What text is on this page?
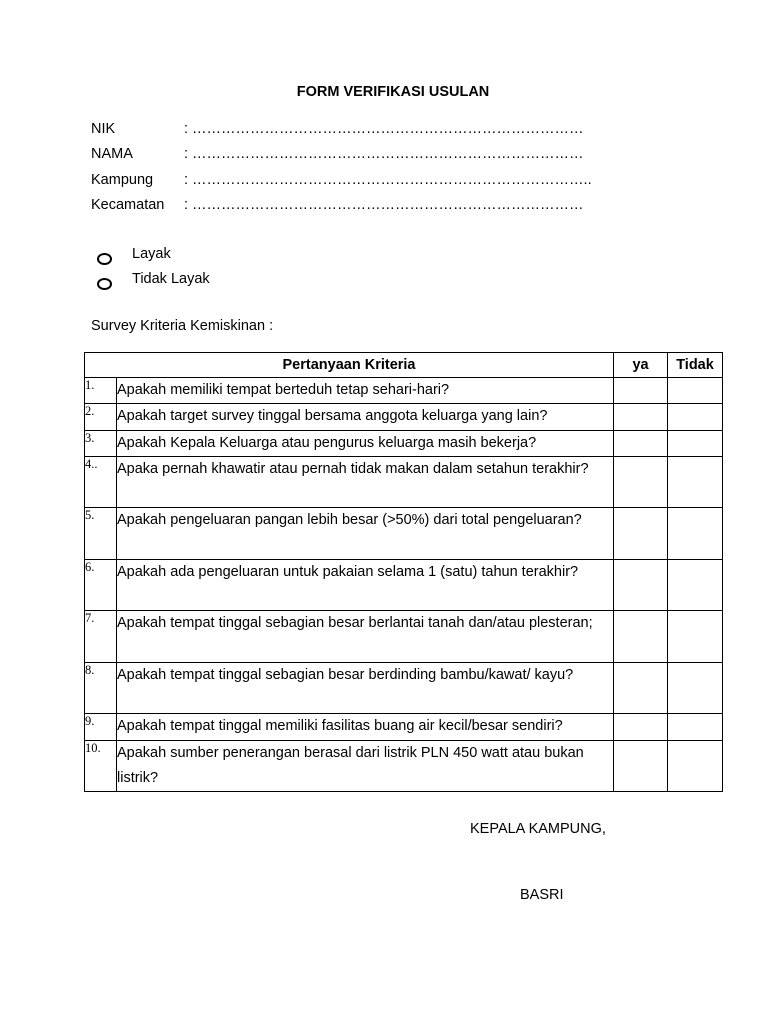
FORM VERIFIKASI USULAN
NIK	: ………………………………………………………………………
NAMA	: ………………………………………………………………………
Kampung	: ………………………………………………………………………..
Kecamatan	: ………………………………………………………………………
Layak
Tidak Layak
Survey Kriteria Kemiskinan :
Pertanyaan Kriteria		ya	Tidak
1.	Apakah memiliki tempat berteduh tetap sehari-hari?		
2.	Apakah target survey tinggal bersama anggota keluarga yang lain?		
3.	Apakah Kepala Keluarga atau pengurus keluarga masih bekerja?		
4..	Apaka pernah khawatir atau pernah tidak makan dalam setahun terakhir?		
5.	Apakah pengeluaran pangan lebih besar (>50%) dari total pengeluaran?		
6.	Apakah ada pengeluaran untuk pakaian selama 1 (satu) tahun terakhir?		
7.	Apakah tempat tinggal sebagian besar berlantai tanah dan/atau plesteran;		
8.	Apakah tempat tinggal sebagian besar berdinding bambu/kawat/ kayu?		
9.	Apakah tempat tinggal memiliki fasilitas buang air kecil/besar sendiri?		
10.	Apakah sumber penerangan berasal dari listrik PLN 450 watt atau bukan listrik?		
KEPALA KAMPUNG,
BASRI
